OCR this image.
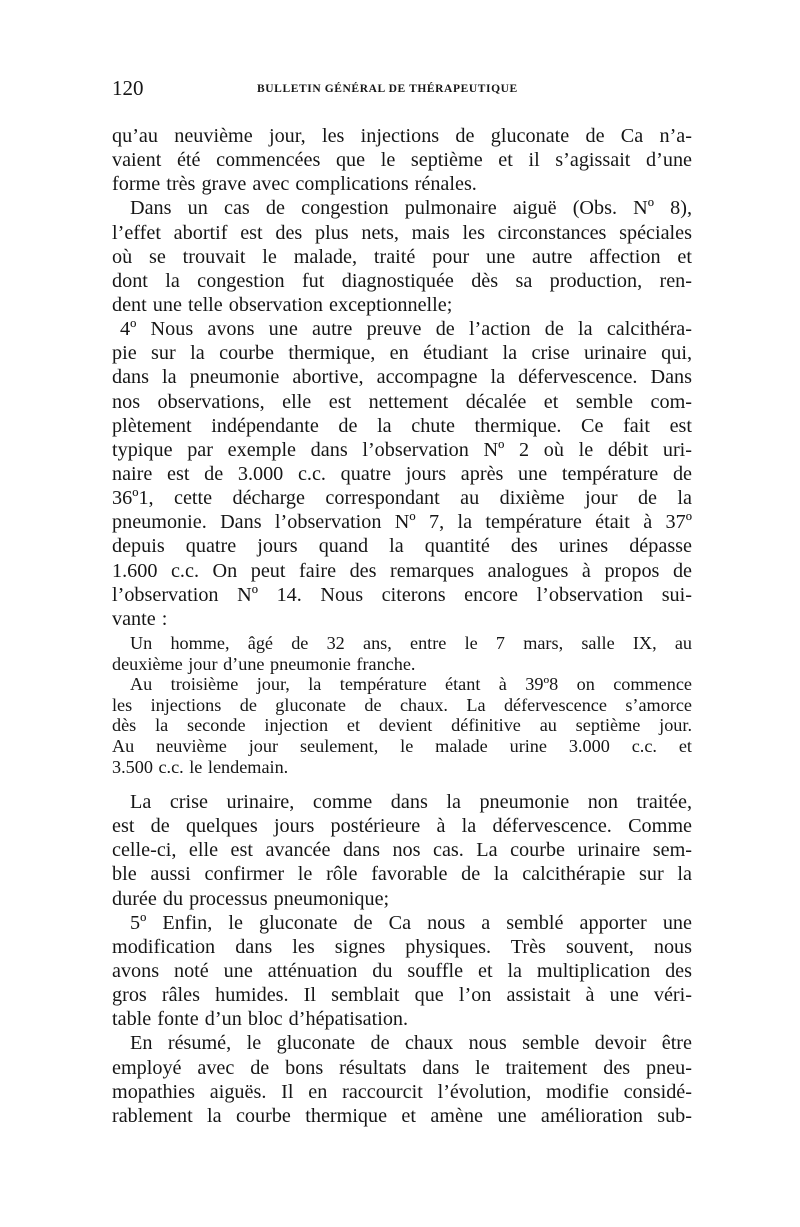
120	BULLETIN GÉNÉRAL DE THÉRAPEUTIQUE
qu’au neuvième jour, les injections de gluconate de Ca n’a-
vaient été commencées que le septième et il s’agissait d’une
forme très grave avec complications rénales.
Dans un cas de congestion pulmonaire aiguë (Obs. Nº 8),
l’effet abortif est des plus nets, mais les circonstances spéciales
où se trouvait le malade, traité pour une autre affection et
dont la congestion fut diagnostiquée dès sa production, ren-
dent une telle observation exceptionnelle;
4º Nous avons une autre preuve de l’action de la calcithéra-
pie sur la courbe thermique, en étudiant la crise urinaire qui,
dans la pneumonie abortive, accompagne la défervescence. Dans
nos observations, elle est nettement décalée et semble com-
plètement indépendante de la chute thermique. Ce fait est
typique par exemple dans l’observation Nº 2 où le débit uri-
naire est de 3.000 c.c. quatre jours après une température de
36º1, cette décharge correspondant au dixième jour de la
pneumonie. Dans l’observation Nº 7, la température était à 37º
depuis quatre jours quand la quantité des urines dépasse
1.600 c.c. On peut faire des remarques analogues à propos de
l’observation Nº 14. Nous citerons encore l’observation sui-
vante :
Un homme, âgé de 32 ans, entre le 7 mars, salle IX, au
deuxième jour d’une pneumonie franche.
Au troisième jour, la température étant à 39º8 on commence
les injections de gluconate de chaux. La défervescence s’amorce
dès la seconde injection et devient définitive au septième jour.
Au neuvième jour seulement, le malade urine 3.000 c.c. et
3.500 c.c. le lendemain.
La crise urinaire, comme dans la pneumonie non traitée,
est de quelques jours postérieure à la défervescence. Comme
celle-ci, elle est avancée dans nos cas. La courbe urinaire sem-
ble aussi confirmer le rôle favorable de la calcithérapie sur la
durée du processus pneumonique;
5º Enfin, le gluconate de Ca nous a semblé apporter une
modification dans les signes physiques. Très souvent, nous
avons noté une atténuation du souffle et la multiplication des
gros râles humides. Il semblait que l’on assistait à une véri-
table fonte d’un bloc d’hépatisation.
En résumé, le gluconate de chaux nous semble devoir être
employé avec de bons résultats dans le traitement des pneu-
mopathies aiguës. Il en raccourcit l’évolution, modifie considé-
rablement la courbe thermique et amène une amélioration sub-
